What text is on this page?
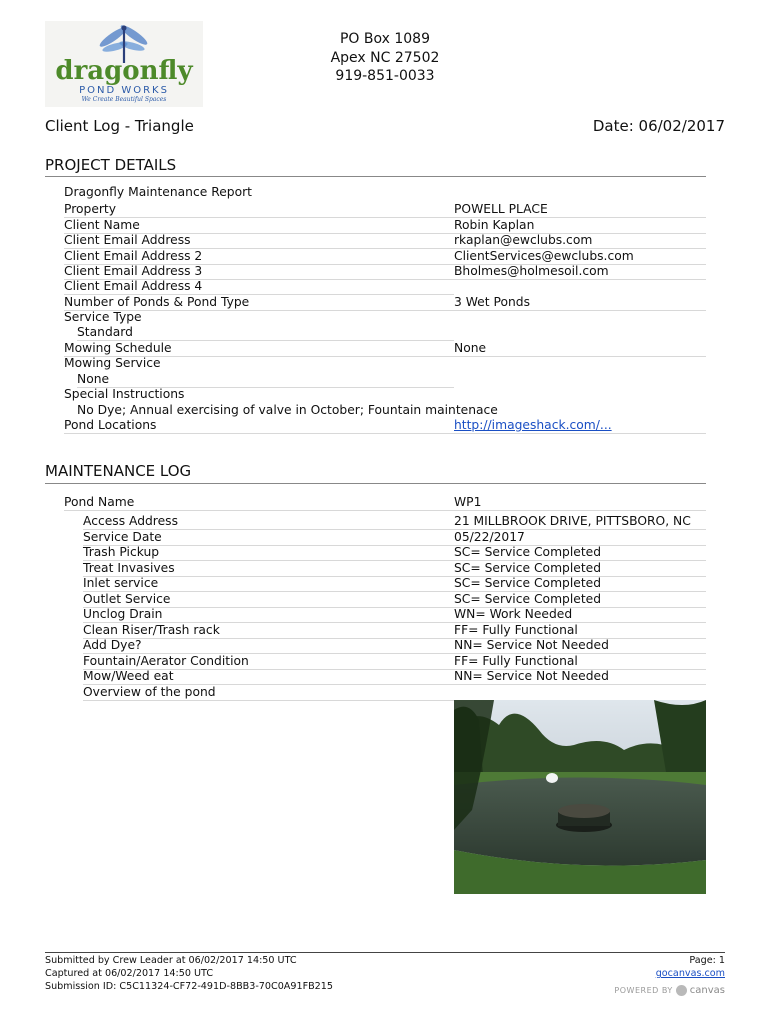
dragonfly
POND WORKS
We Create Beautiful Spaces
PO Box 1089
Apex NC 27502
919-851-0033
Client Log - Triangle	Date: 06/02/2017
PROJECT DETAILS
Dragonfly Maintenance Report
Property	POWELL PLACE
Client Name	Robin Kaplan
Client Email Address	rkaplan@ewclubs.com
Client Email Address 2	ClientServices@ewclubs.com
Client Email Address 3	Bholmes@holmesoil.com
Client Email Address 4
Number of Ponds & Pond Type	3 Wet Ponds
Service Type
Standard
Mowing Schedule	None
Mowing Service
None
Special Instructions
No Dye; Annual exercising of valve in October; Fountain maintenace
Pond Locations	http://imageshack.com/...
MAINTENANCE LOG
Pond Name	WP1
Access Address	21 MILLBROOK DRIVE, PITTSBORO, NC
Service Date	05/22/2017
Trash Pickup	SC= Service Completed
Treat Invasives	SC= Service Completed
Inlet service	SC= Service Completed
Outlet Service	SC= Service Completed
Unclog Drain	WN= Work Needed
Clean Riser/Trash rack	FF= Fully Functional
Add Dye?	NN= Service Not Needed
Fountain/Aerator Condition	FF= Fully Functional
Mow/Weed eat	NN= Service Not Needed
Overview of the pond
Submitted by Crew Leader at 06/02/2017 14:50 UTC
Captured at 06/02/2017 14:50 UTC
Submission ID: C5C11324-CF72-491D-8BB3-70C0A91FB215
Page: 1
gocanvas.com
POWERED BY canvas
